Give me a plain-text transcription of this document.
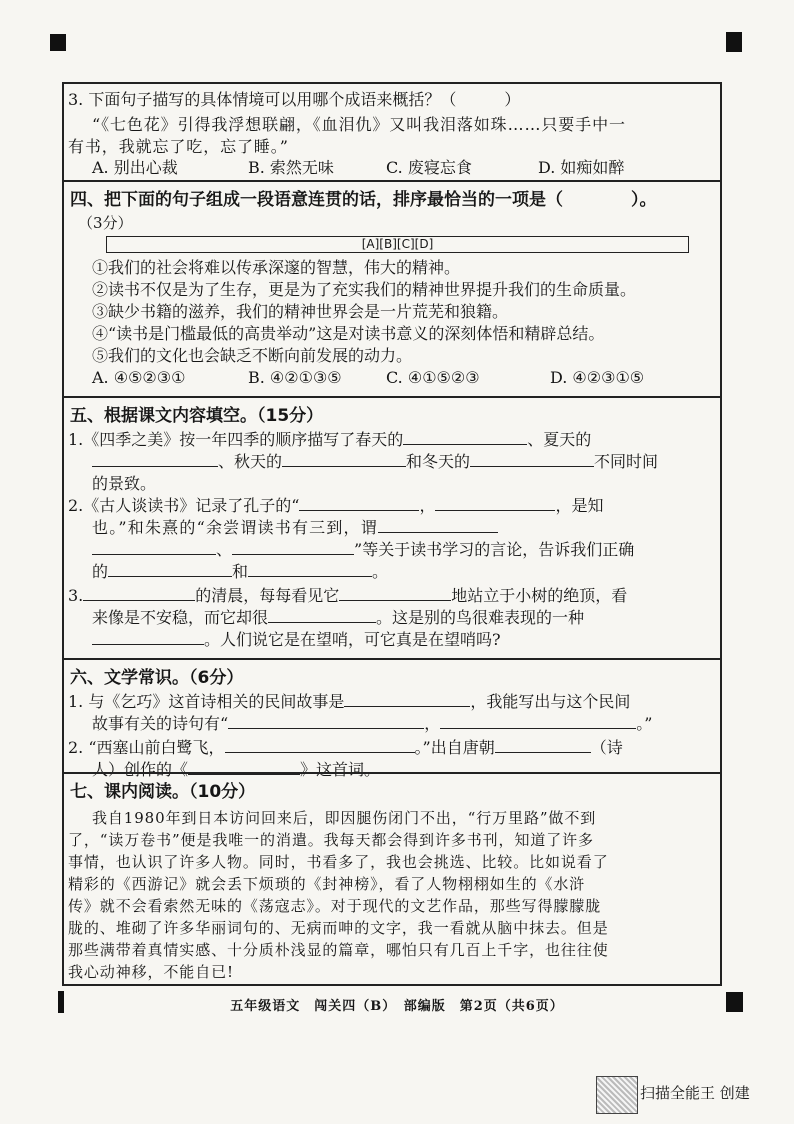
3. 下面句子描写的具体情境可以用哪个成语来概括？（　　　）
“《七色花》引得我浮想联翩，《血泪仇》又叫我泪落如珠……只要手中一
有书，我就忘了吃，忘了睡。”
A. 别出心裁	B. 索然无味	C. 废寝忘食	D. 如痴如醉
四、把下面的句子组成一段语意连贯的话，排序最恰当的一项是（　　　　）。
（3分）
[A][B][C][D]
①我们的社会将难以传承深邃的智慧，伟大的精神。
②读书不仅是为了生存，更是为了充实我们的精神世界提升我们的生命质量。
③缺少书籍的滋养，我们的精神世界会是一片荒芜和狼籍。
④“读书是门槛最低的高贵举动”这是对读书意义的深刻体悟和精辟总结。
⑤我们的文化也会缺乏不断向前发展的动力。
A. ④⑤②③①	B. ④②①③⑤	C. ④①⑤②③	D. ④②③①⑤
五、根据课文内容填空。（15分）
1.《四季之美》按一年四季的顺序描写了春天的	、夏天的
、秋天的	和冬天的	不同时间
的景致。
2.《古人谈读书》记录了孔子的“	，	，是知
也。”和朱熹的“余尝谓读书有三到，谓
、	”等关于读书学习的言论，告诉我们正确
的	和	。
3.	的清晨，每每看见它	地站立于小树的绝顶，看
来像是不安稳，而它却很	。这是别的鸟很难表现的一种
。人们说它是在望哨，可它真是在望哨吗?
六、文学常识。（6分）
1. 与《乞巧》这首诗相关的民间故事是	，我能写出与这个民间
故事有关的诗句有“	，	。”
2. “西塞山前白鹭飞，	。”出自唐朝	（诗
人）创作的《	》这首词。
七、课内阅读。（10分）
我自1980年到日本访问回来后，即因腿伤闭门不出，“行万里路”做不到
了，“读万卷书”便是我唯一的消遣。我每天都会得到许多书刊，知道了许多
事情，也认识了许多人物。同时，书看多了，我也会挑选、比较。比如说看了
精彩的《西游记》就会丢下烦琐的《封神榜》，看了人物栩栩如生的《水浒
传》就不会看索然无味的《荡寇志》。对于现代的文艺作品，那些写得朦朦胧
胧的、堆砌了许多华丽词句的、无病而呻的文字，我一看就从脑中抹去。但是
那些满带着真情实感、十分质朴浅显的篇章，哪怕只有几百上千字，也往往使
我心动神移，不能自已!
五年级语文　闯关四（B）　部编版　第2页（共6页）
扫描全能王 创建
